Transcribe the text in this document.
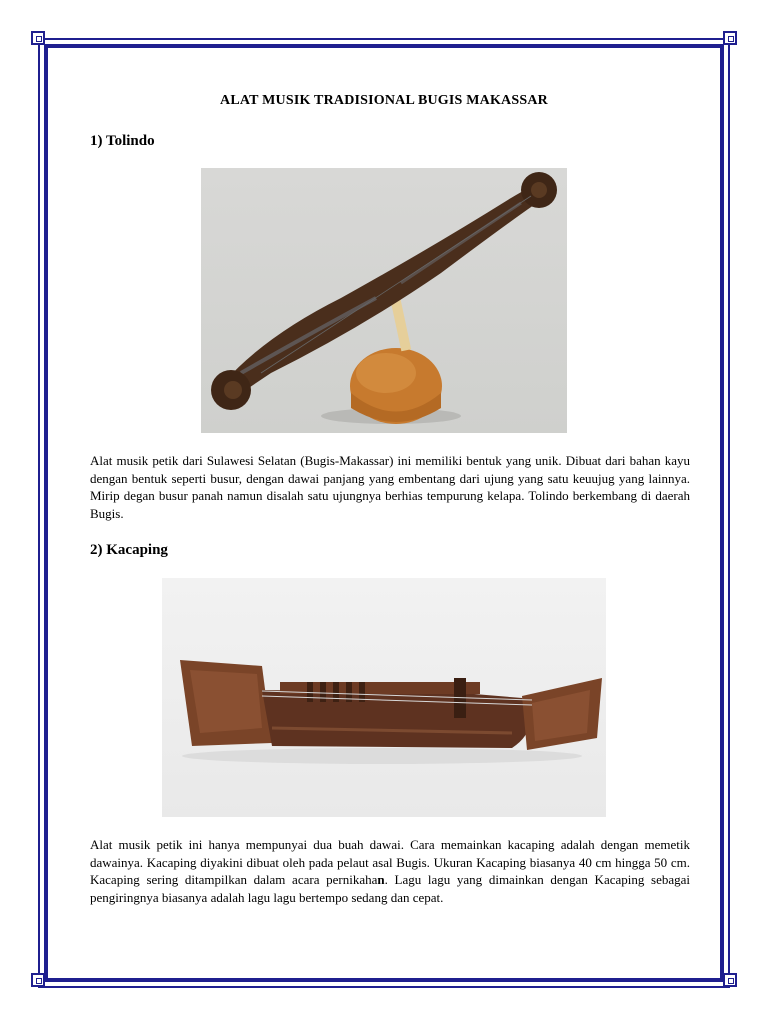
ALAT MUSIK TRADISIONAL BUGIS MAKASSAR

1) Tolindo

Alat musik petik dari Sulawesi Selatan (Bugis-Makassar) ini memiliki bentuk yang unik. Dibuat dari bahan kayu dengan bentuk seperti busur, dengan dawai panjang yang embentang dari ujung yang satu keuujug yang lainnya. Mirip degan busur panah namun disalah satu ujungnya berhias tempurung kelapa. Tolindo berkembang di daerah Bugis.

2) Kacaping

Alat musik petik ini hanya mempunyai dua buah dawai. Cara memainkan kacaping adalah dengan memetik dawainya. Kacaping diyakini dibuat oleh pada pelaut asal Bugis. Ukuran Kacaping biasanya 40 cm hingga 50 cm. Kacaping sering ditampilkan dalam acara pernikahan. Lagu lagu yang dimainkan dengan Kacaping sebagai pengiringnya biasanya adalah lagu lagu bertempo sedang dan cepat.
